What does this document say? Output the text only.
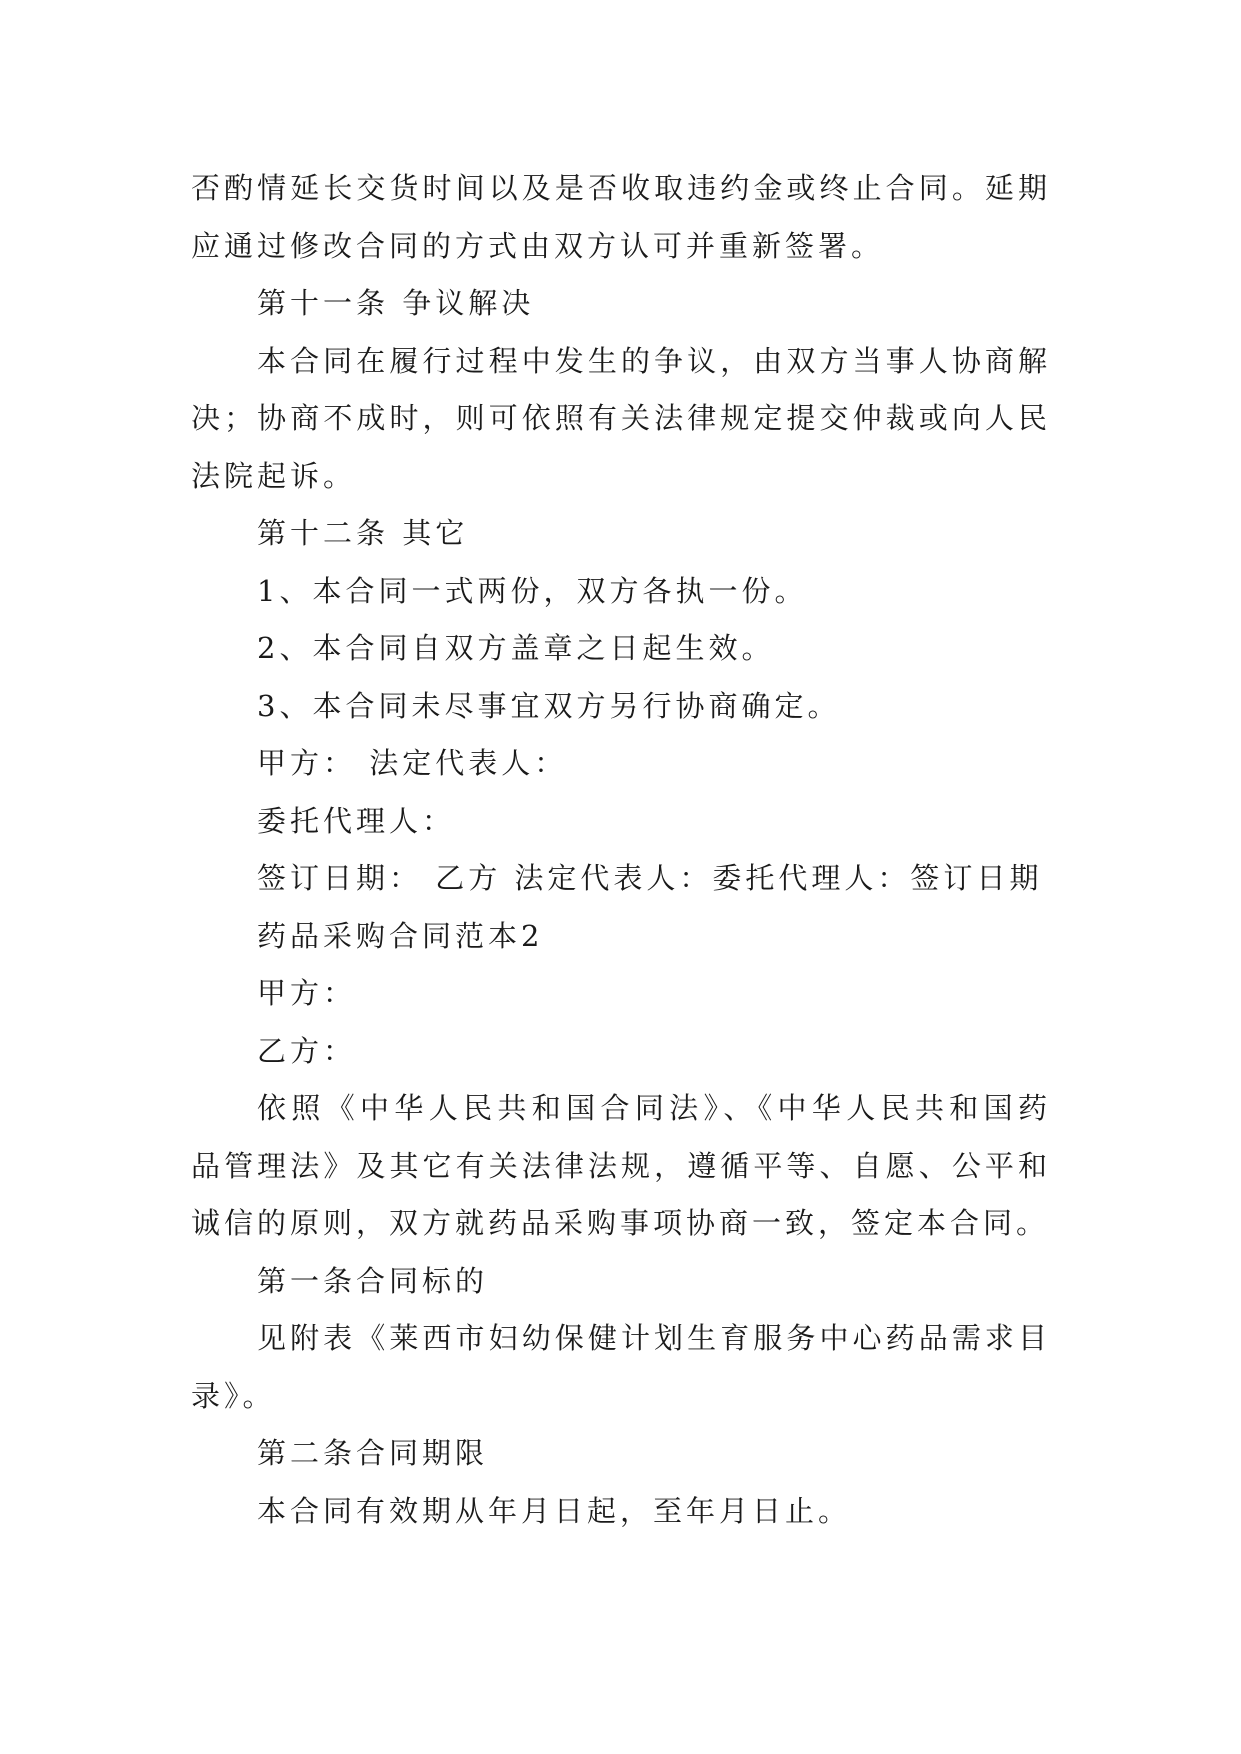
否酌情延长交货时间以及是否收取违约金或终止合同。延期应通过修改合同的方式由双方认可并重新签署。

第十一条 争议解决

本合同在履行过程中发生的争议，由双方当事人协商解决；协商不成时，则可依照有关法律规定提交仲裁或向人民法院起诉。

第十二条 其它

1、本合同一式两份，双方各执一份。

2、本合同自双方盖章之日起生效。

3、本合同未尽事宜双方另行协商确定。

甲方： 法定代表人：

委托代理人：

签订日期： 乙方 法定代表人：委托代理人：签订日期

药品采购合同范本2

甲方：

乙方：

依照《中华人民共和国合同法》、《中华人民共和国药品管理法》及其它有关法律法规，遵循平等、自愿、公平和诚信的原则，双方就药品采购事项协商一致，签定本合同。

第一条合同标的

见附表《莱西市妇幼保健计划生育服务中心药品需求目录》。

第二条合同期限

本合同有效期从年月日起，至年月日止。
